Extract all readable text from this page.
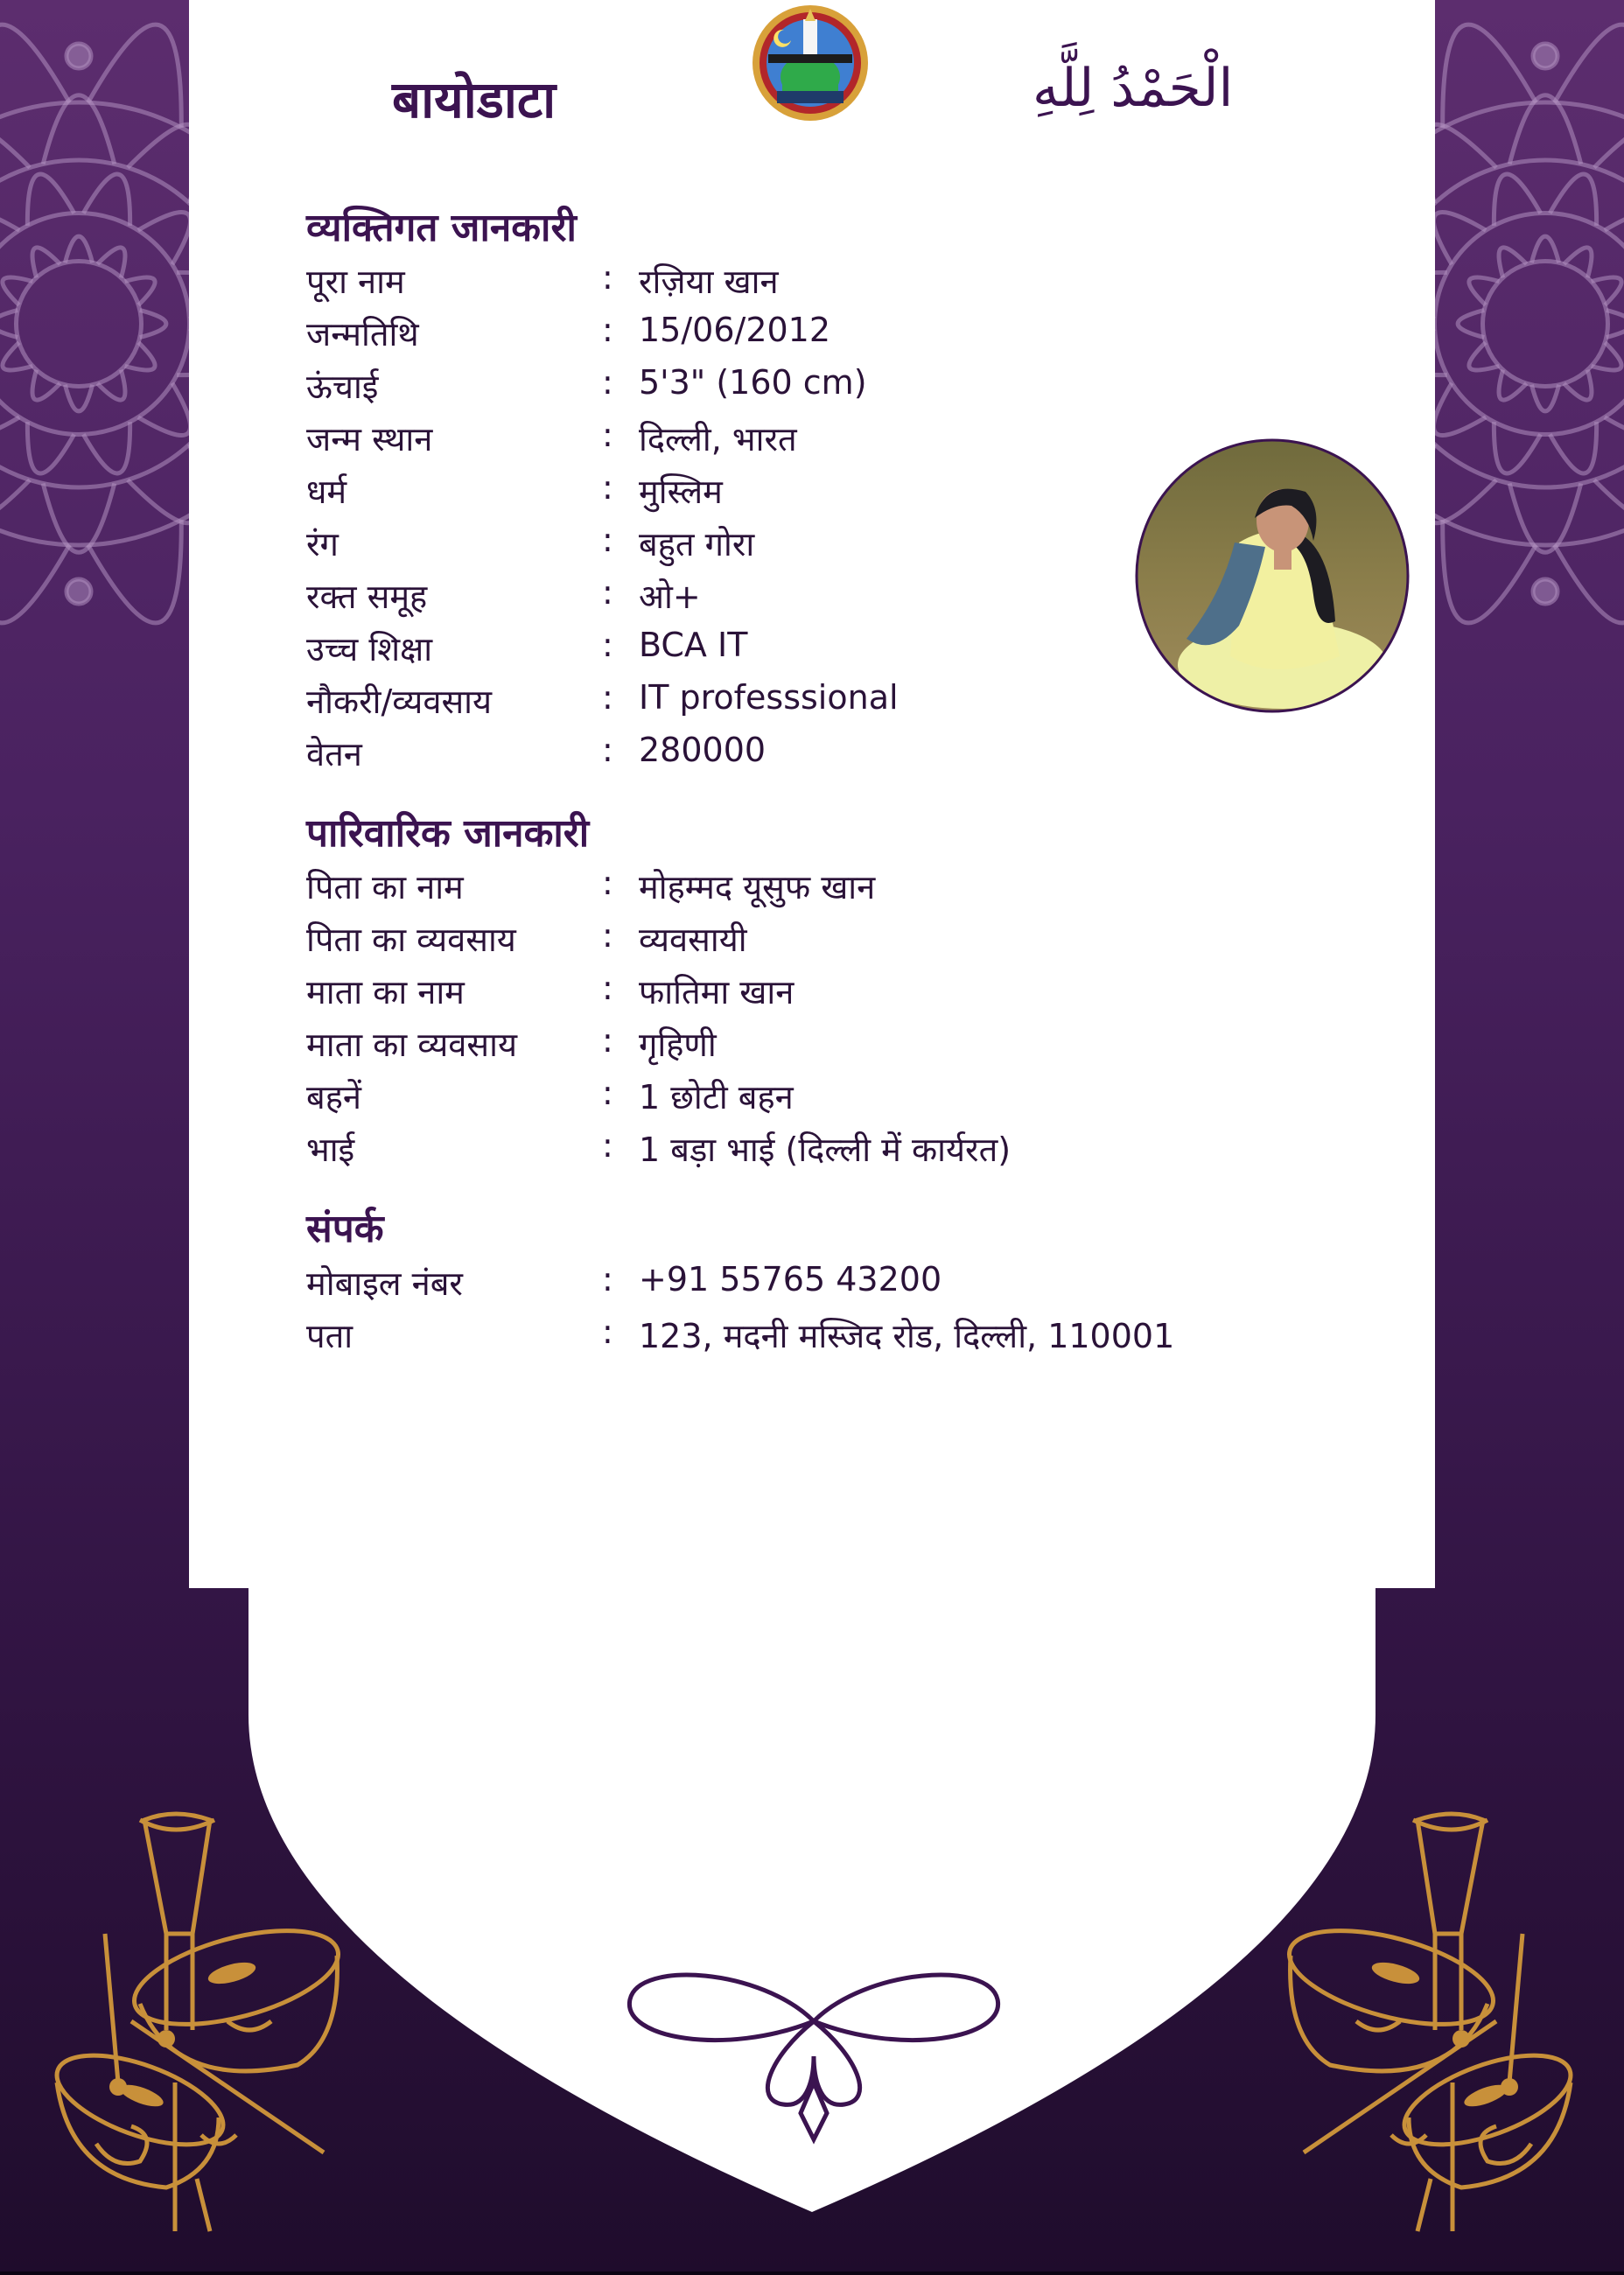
बायोडाटा	الْحَمْدُ لِلَّهِ
व्यक्तिगत जानकारी
पूरा नाम	: रज़िया खान
जन्मतिथि	: 15/06/2012
ऊंचाई	: 5'3" (160 cm)
जन्म स्थान	: दिल्ली, भारत
धर्म	: मुस्लिम
रंग	: बहुत गोरा
रक्त समूह	: ओ+
उच्च शिक्षा	: BCA IT
नौकरी/व्यवसाय	: IT professsional
वेतन	: 280000
पारिवारिक जानकारी
पिता का नाम	: मोहम्मद यूसुफ खान
पिता का व्यवसाय	: व्यवसायी
माता का नाम	: फातिमा खान
माता का व्यवसाय	: गृहिणी
बहनें	: 1 छोटी बहन
भाई	: 1 बड़ा भाई (दिल्ली में कार्यरत)
संपर्क
मोबाइल नंबर	: +91 55765 43200
पता	: 123, मदनी मस्जिद रोड, दिल्ली, 110001
